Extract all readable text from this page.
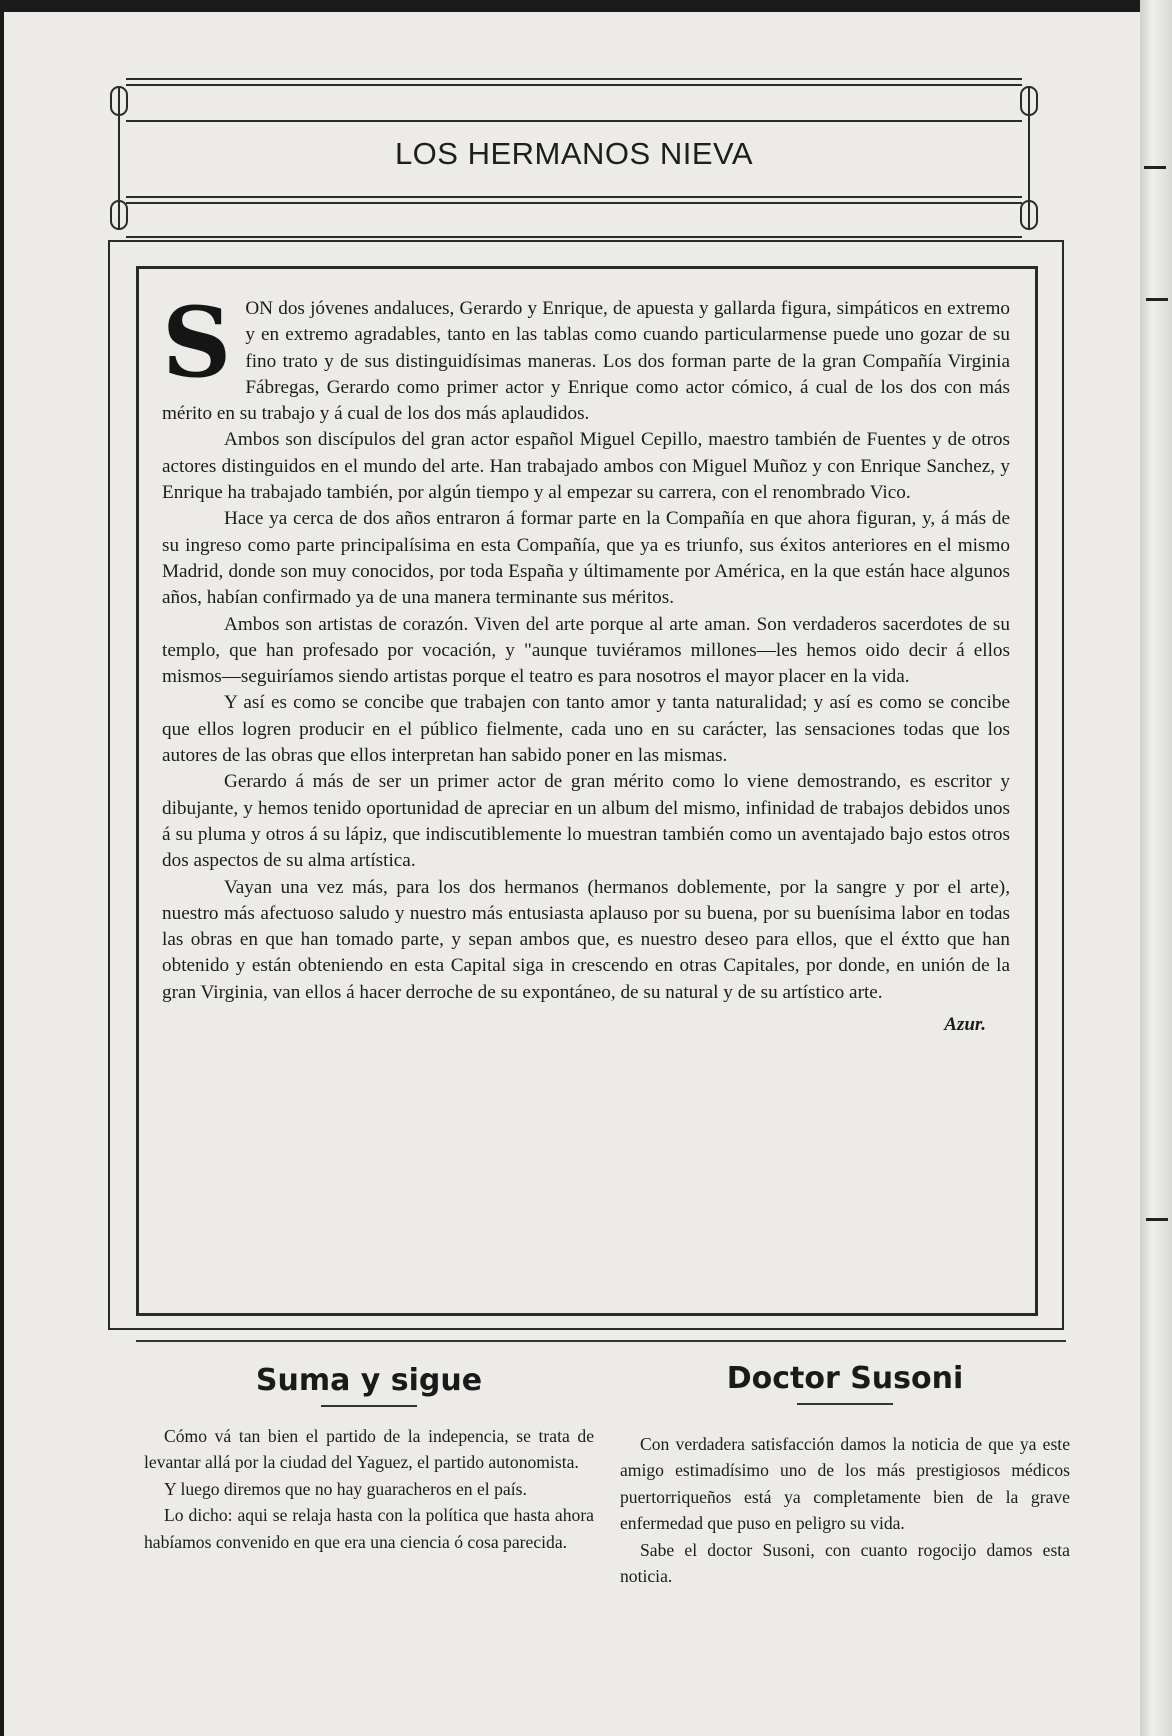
LOS HERMANOS NIEVA

SON dos jóvenes andaluces, Gerardo y Enrique, de apuesta y gallarda figura, simpáticos en extremo y en extremo agradables, tanto en las tablas como cuando particularmense puede uno gozar de su fino trato y de sus distinguidísimas maneras. Los dos forman parte de la gran Compañía Virginia Fábregas, Gerardo como primer actor y Enrique como actor cómico, á cual de los dos con más mérito en su trabajo y á cual de los dos más aplaudidos.

Ambos son discípulos del gran actor español Miguel Cepillo, maestro también de Fuentes y de otros actores distinguidos en el mundo del arte. Han trabajado ambos con Miguel Muñoz y con Enrique Sanchez, y Enrique ha trabajado también, por algún tiempo y al empezar su carrera, con el renombrado Vico.

Hace ya cerca de dos años entraron á formar parte en la Compañía en que ahora figuran, y, á más de su ingreso como parte principalísima en esta Compañía, que ya es triunfo, sus éxitos anteriores en el mismo Madrid, donde son muy conocidos, por toda España y últimamente por América, en la que están hace algunos años, habían confirmado ya de una manera terminante sus méritos.

Ambos son artistas de corazón. Viven del arte porque al arte aman. Son verdaderos sacerdotes de su templo, que han profesado por vocación, y "aunque tuviéramos millones—les hemos oido decir á ellos mismos—seguiríamos siendo artistas porque el teatro es para nosotros el mayor placer en la vida.

Y así es como se concibe que trabajen con tanto amor y tanta naturalidad; y así es como se concibe que ellos logren producir en el público fielmente, cada uno en su carácter, las sensaciones todas que los autores de las obras que ellos interpretan han sabido poner en las mismas.

Gerardo á más de ser un primer actor de gran mérito como lo viene demostrando, es escritor y dibujante, y hemos tenido oportunidad de apreciar en un album del mismo, infinidad de trabajos debidos unos á su pluma y otros á su lápiz, que indiscutiblemente lo muestran también como un aventajado bajo estos otros dos aspectos de su alma artística.

Vayan una vez más, para los dos hermanos (hermanos doblemente, por la sangre y por el arte), nuestro más afectuoso saludo y nuestro más entusiasta aplauso por su buena, por su buenísima labor en todas las obras en que han tomado parte, y sepan ambos que, es nuestro deseo para ellos, que el éxtto que han obtenido y están obteniendo en esta Capital siga in crescendo en otras Capitales, por donde, en unión de la gran Virginia, van ellos á hacer derroche de su expontáneo, de su natural y de su artístico arte.

Azur.
Suma y sigue

Cómo vá tan bien el partido de la indepencia, se trata de levantar allá por la ciudad del Yaguez, el partido autonomista.

Y luego diremos que no hay guaracheros en el país.

Lo dicho: aqui se relaja hasta con la política que hasta ahora habíamos convenido en que era una ciencia ó cosa parecida.

Doctor Susoni

Con verdadera satisfacción damos la noticia de que ya este amigo estimadísimo uno de los más prestigiosos médicos puertorriqueños está ya completamente bien de la grave enfermedad que puso en peligro su vida.

Sabe el doctor Susoni, con cuanto rogocijo damos esta noticia.
